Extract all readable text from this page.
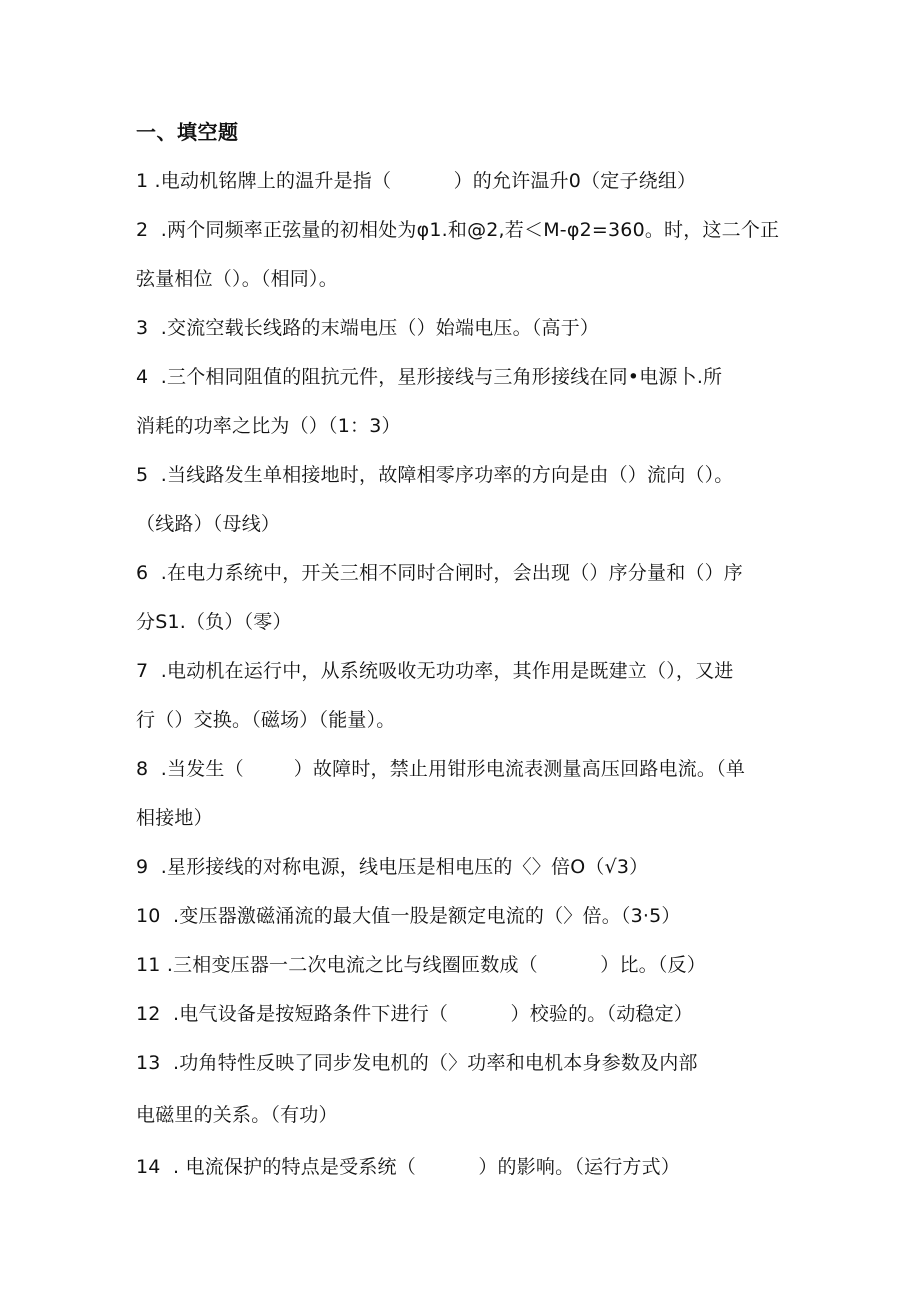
一、填空题
1 .电动机铭牌上的温升是指（          ）的允许温升0（定子绕组）
2  .两个同频率正弦量的初相处为φ1.和@2,若＜M-φ2=360。时，这二个正
弦量相位（）。（相同）。
3  .交流空载长线路的末端电压（）始端电压。（高于）
4  .三个相同阻值的阻抗元件，星形接线与三角形接线在同•电源卜.所
消耗的功率之比为（）（1：3）
5  .当线路发生单相接地时，故障相零序功率的方向是由（）流向（）。
（线路）（母线）
6  .在电力系统中，开关三相不同时合闸时，会出现（）序分量和（）序
分S1.（负）（零）
7  .电动机在运行中，从系统吸收无功功率，其作用是既建立（），又进
行（）交换。（磁场）（能量）。
8  .当发生（        ）故障时，禁止用钳形电流表测量高压回路电流。（单
相接地）
9  .星形接线的对称电源，线电压是相电压的〈〉倍O（√3）
10  .变压器激磁涌流的最大值一股是额定电流的（〉倍。（3·5）
11 .三相变压器一二次电流之比与线圈匝数成（          ）比。（反）
12  .电气设备是按短路条件下进行（          ）校验的。（动稳定）
13  .功角特性反映了同步发电机的（〉功率和电机本身参数及内部
电磁里的关系。（有功）
14  . 电流保护的特点是受系统（          ）的影响。（运行方式）
